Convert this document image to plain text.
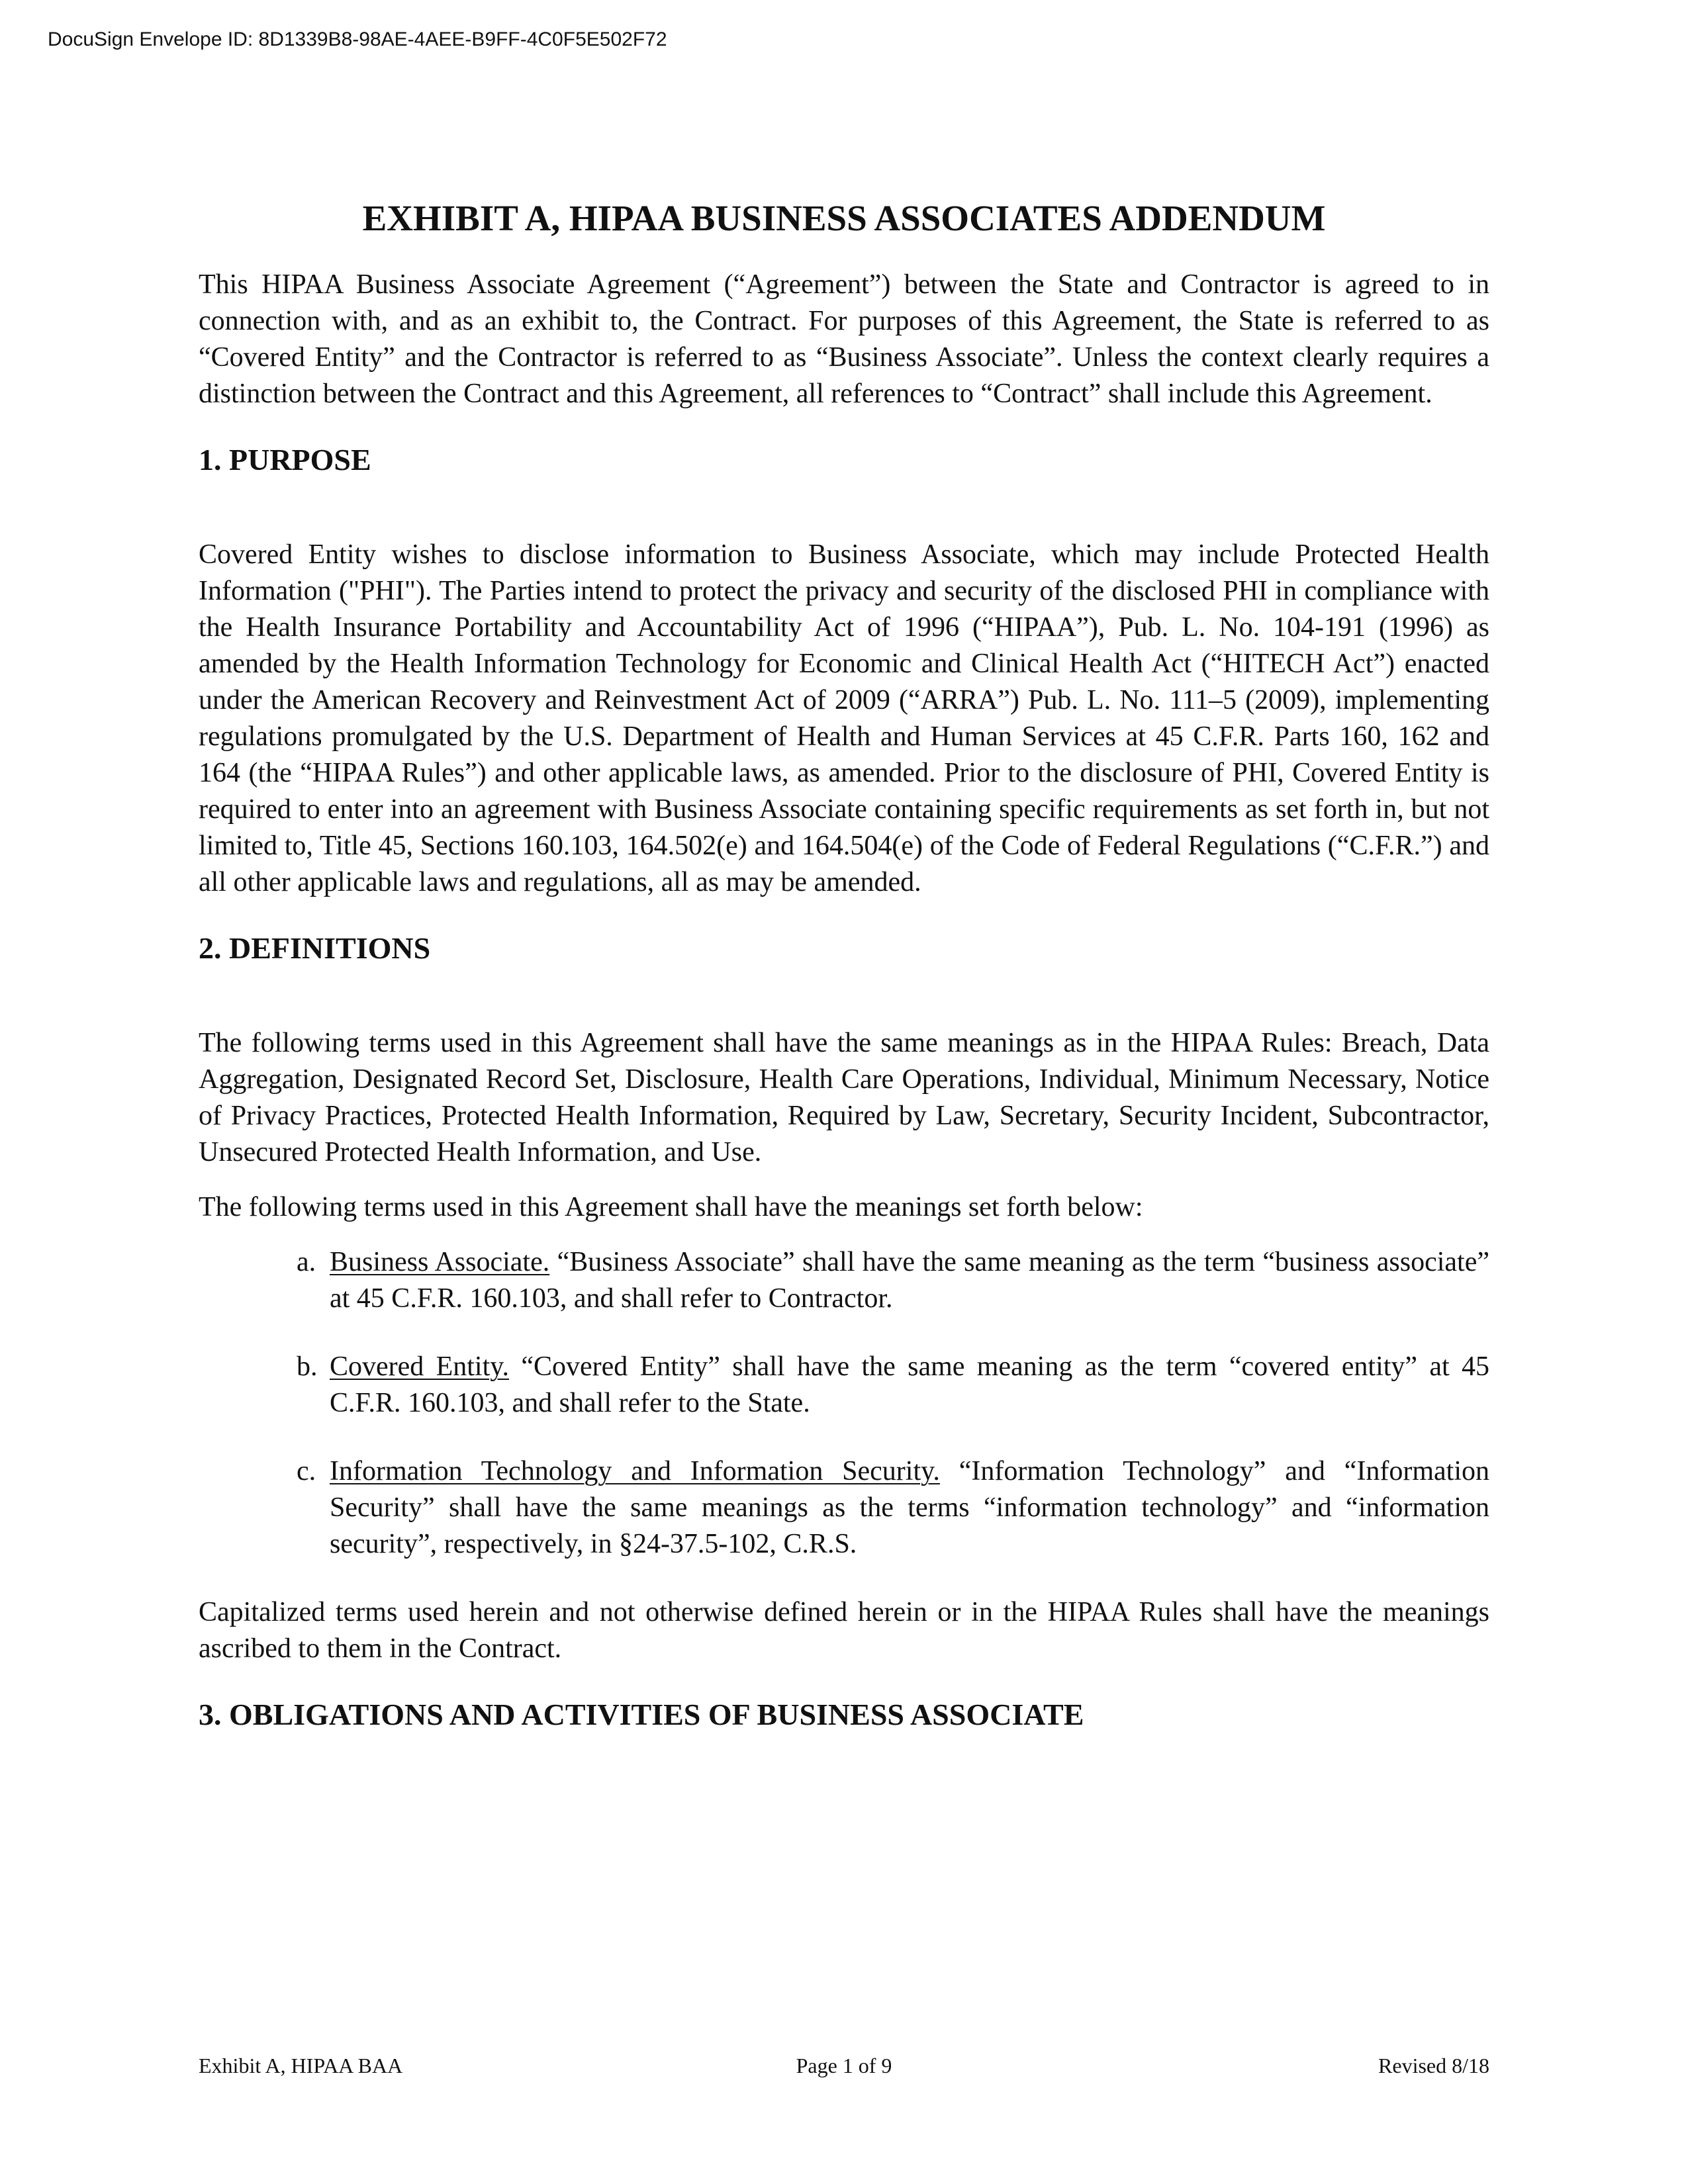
DocuSign Envelope ID: 8D1339B8-98AE-4AEE-B9FF-4C0F5E502F72
EXHIBIT A, HIPAA BUSINESS ASSOCIATES ADDENDUM

This HIPAA Business Associate Agreement (“Agreement”) between the State and Contractor is agreed to in connection with, and as an exhibit to, the Contract. For purposes of this Agreement, the State is referred to as “Covered Entity” and the Contractor is referred to as “Business Associate”. Unless the context clearly requires a distinction between the Contract and this Agreement, all references to “Contract” shall include this Agreement.

1. PURPOSE

Covered Entity wishes to disclose information to Business Associate, which may include Protected Health Information ("PHI"). The Parties intend to protect the privacy and security of the disclosed PHI in compliance with the Health Insurance Portability and Accountability Act of 1996 (“HIPAA”), Pub. L. No. 104-191 (1996) as amended by the Health Information Technology for Economic and Clinical Health Act (“HITECH Act”) enacted under the American Recovery and Reinvestment Act of 2009 (“ARRA”) Pub. L. No. 111–5 (2009), implementing regulations promulgated by the U.S. Department of Health and Human Services at 45 C.F.R. Parts 160, 162 and 164 (the “HIPAA Rules”) and other applicable laws, as amended. Prior to the disclosure of PHI, Covered Entity is required to enter into an agreement with Business Associate containing specific requirements as set forth in, but not limited to, Title 45, Sections 160.103, 164.502(e) and 164.504(e) of the Code of Federal Regulations (“C.F.R.”) and all other applicable laws and regulations, all as may be amended.

2. DEFINITIONS

The following terms used in this Agreement shall have the same meanings as in the HIPAA Rules: Breach, Data Aggregation, Designated Record Set, Disclosure, Health Care Operations, Individual, Minimum Necessary, Notice of Privacy Practices, Protected Health Information, Required by Law, Secretary, Security Incident, Subcontractor, Unsecured Protected Health Information, and Use.

The following terms used in this Agreement shall have the meanings set forth below:

a. Business Associate. “Business Associate” shall have the same meaning as the term “business associate” at 45 C.F.R. 160.103, and shall refer to Contractor.
b. Covered Entity. “Covered Entity” shall have the same meaning as the term “covered entity” at 45 C.F.R. 160.103, and shall refer to the State.
c. Information Technology and Information Security. “Information Technology” and “Information Security” shall have the same meanings as the terms “information technology” and “information security”, respectively, in §24-37.5-102, C.R.S.

Capitalized terms used herein and not otherwise defined herein or in the HIPAA Rules shall have the meanings ascribed to them in the Contract.

3. OBLIGATIONS AND ACTIVITIES OF BUSINESS ASSOCIATE
Exhibit A, HIPAA BAA	Page 1 of 9	Revised 8/18
